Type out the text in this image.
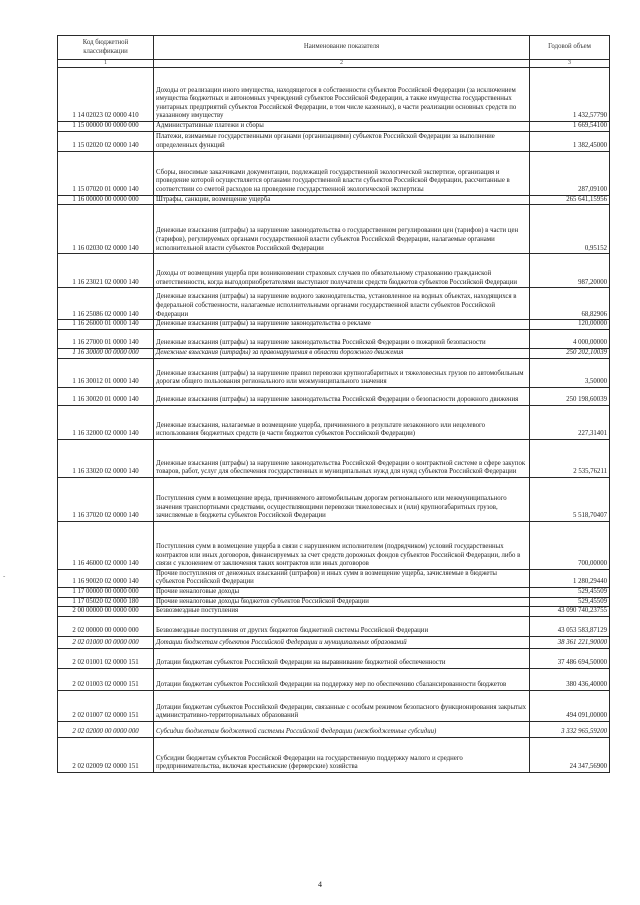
Код бюджетной классификации	Наименование показателя	Годовой объем
1	2	3
1 14 02023 02 0000 410	Доходы от реализации иного имущества, находящегося в собственности субъектов Российской Федерации (за исключением имущества бюджетных и автономных учреждений субъектов Российской Федерации, а также имущества государственных унитарных предприятий субъектов Российской Федерации, в том числе казенных), в части реализации основных средств по указанному имуществу	1 432,57790
1 15 00000 00 0000 000	Административные платежи и сборы	1 669,54100
1 15 02020 02 0000 140	Платежи, взимаемые государственными органами (организациями) субъектов Российской Федерации за выполнение определенных функций	1 382,45000
1 15 07020 01 0000 140	Сборы, вносимые заказчиками документации, подлежащей государственной экологической экспертизе, организация и проведение которой осуществляется органами государственной власти субъектов Российской Федерации, рассчитанные в соответствии со сметой расходов на проведение государственной экологической экспертизы	287,09100
1 16 00000 00 0000 000	Штрафы, санкции, возмещение ущерба	265 641,15956
1 16 02030 02 0000 140	Денежные взыскания (штрафы) за нарушение законодательства о государственном регулировании цен (тарифов) в части цен (тарифов), регулируемых органами государственной власти субъектов Российской Федерации, налагаемые органами исполнительной власти субъектов Российской Федерации	0,95152
1 16 23021 02 0000 140	Доходы от возмещения ущерба при возникновении страховых случаев по обязательному страхованию гражданской ответственности, когда выгодоприобретателями выступают получатели средств бюджетов субъектов Российской Федерации	987,20000
1 16 25086 02 0000 140	Денежные взыскания (штрафы) за нарушение водного законодательства, установленное на водных объектах, находящихся в федеральной собственности, налагаемые исполнительными органами государственной власти субъектов Российской Федерации	68,82906
1 16 26000 01 0000 140	Денежные взыскания (штрафы) за нарушение законодательства о рекламе	120,00000
1 16 27000 01 0000 140	Денежные взыскания (штрафы) за нарушение законодательства Российской Федерации о пожарной безопасности	4 000,00000
1 16 30000 00 0000 000	Денежные взыскания (штрафы) за правонарушения в области дорожного движения	250 202,10039
1 16 30012 01 0000 140	Денежные взыскания (штрафы) за нарушение правил перевозки крупногабаритных и тяжеловесных грузов по автомобильным дорогам общего пользования регионального или межмуниципального значения	3,50000
1 16 30020 01 0000 140	Денежные взыскания (штрафы) за нарушение законодательства Российской Федерации о безопасности дорожного движения	250 198,60039
1 16 32000 02 0000 140	Денежные взыскания, налагаемые в возмещение ущерба, причиненного в результате незаконного или нецелевого использования бюджетных средств (в части бюджетов субъектов Российской Федерации)	227,31401
1 16 33020 02 0000 140	Денежные взыскания (штрафы) за нарушение законодательства Российской Федерации о контрактной системе в сфере закупок товаров, работ, услуг для обеспечения государственных и муниципальных нужд для нужд субъектов Российской Федерации	2 535,76211
1 16 37020 02 0000 140	Поступления сумм в возмещение вреда, причиняемого автомобильным дорогам регионального или межмуниципального значения транспортными средствами, осуществляющими перевозки тяжеловесных и (или) крупногабаритных грузов, зачисляемые в бюджеты субъектов Российской Федерации	5 518,70407
1 16 46000 02 0000 140	Поступления сумм в возмещение ущерба в связи с нарушением исполнителем (подрядчиком) условий государственных контрактов или иных договоров, финансируемых за счет средств дорожных фондов субъектов Российской Федерации, либо в связи с уклонением от заключения таких контрактов или иных договоров	700,00000
1 16 90020 02 0000 140	Прочие поступления от денежных взысканий (штрафов) и иных сумм в возмещение ущерба, зачисляемые в бюджеты субъектов Российской Федерации	1 280,29440
1 17 00000 00 0000 000	Прочие неналоговые доходы	529,45509
1 17 05020 02 0000 180	Прочие неналоговые доходы бюджетов субъектов Российской Федерации	529,45509
2 00 00000 00 0000 000	Безвозмездные поступления	43 090 740,23755
2 02 00000 00 0000 000	Безвозмездные поступления от других бюджетов бюджетной системы Российской Федерации	43 053 583,87129
2 02 01000 00 0000 000	Дотации бюджетам субъектов Российской Федерации и муниципальных образований	38 361 221,90000
2 02 01001 02 0000 151	Дотации бюджетам субъектов Российской Федерации на выравнивание бюджетной обеспеченности	37 486 694,50000
2 02 01003 02 0000 151	Дотации бюджетам субъектов Российской Федерации на поддержку мер по обеспечению сбалансированности бюджетов	380 436,40000
2 02 01007 02 0000 151	Дотации бюджетам субъектов Российской Федерации, связанные с особым режимом безопасного функционирования закрытых административно-территориальных образований	494 091,00000
2 02 02000 00 0000 000	Субсидии бюджетам бюджетной системы Российской Федерации (межбюджетные субсидии)	3 332 965,59200
2 02 02009 02 0000 151	Субсидии бюджетам субъектов Российской Федерации на государственную поддержку малого и среднего предпринимательства, включая крестьянские (фермерские) хозяйства	24 347,56900
-
4
